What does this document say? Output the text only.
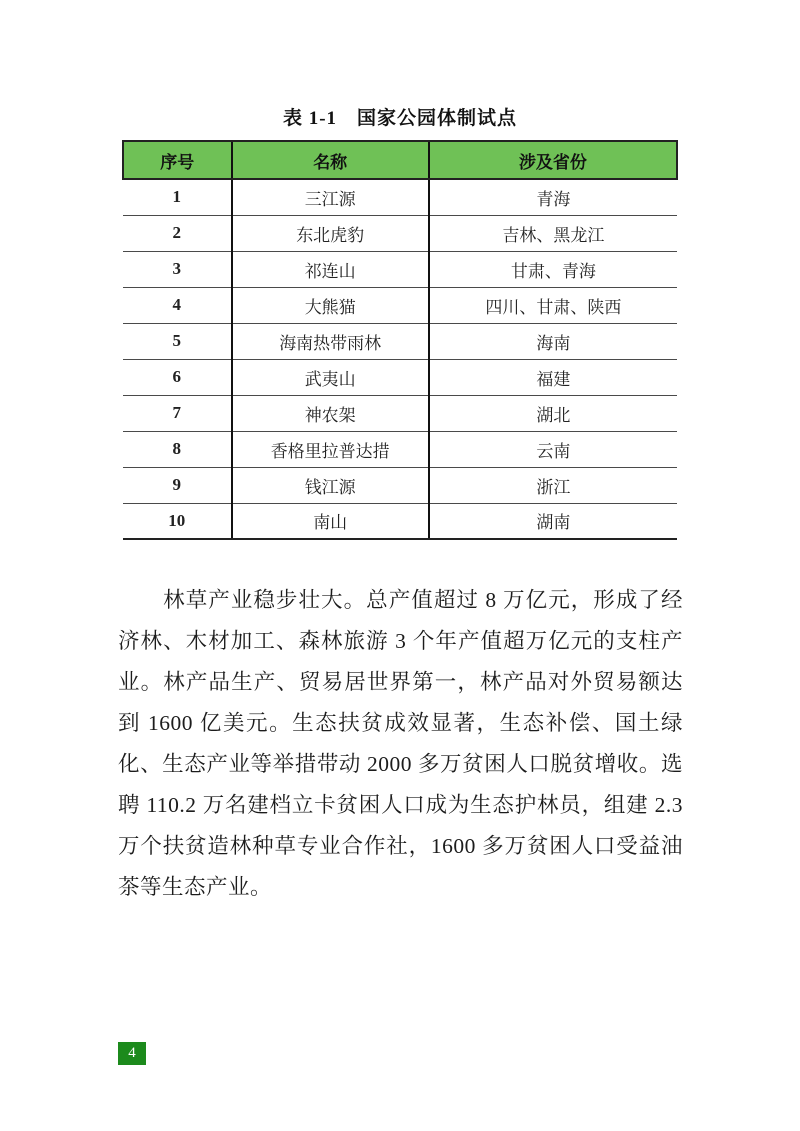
表 1-1　国家公园体制试点
序号	名称	涉及省份
1	三江源	青海
2	东北虎豹	吉林、黑龙江
3	祁连山	甘肃、青海
4	大熊猫	四川、甘肃、陕西
5	海南热带雨林	海南
6	武夷山	福建
7	神农架	湖北
8	香格里拉普达措	云南
9	钱江源	浙江
10	南山	湖南
林草产业稳步壮大。总产值超过 8 万亿元，形成了经济林、木材加工、森林旅游 3 个年产值超万亿元的支柱产业。林产品生产、贸易居世界第一，林产品对外贸易额达到 1600 亿美元。生态扶贫成效显著，生态补偿、国土绿化、生态产业等举措带动 2000 多万贫困人口脱贫增收。选聘 110.2 万名建档立卡贫困人口成为生态护林员，组建 2.3 万个扶贫造林种草专业合作社，1600 多万贫困人口受益油茶等生态产业。
4
